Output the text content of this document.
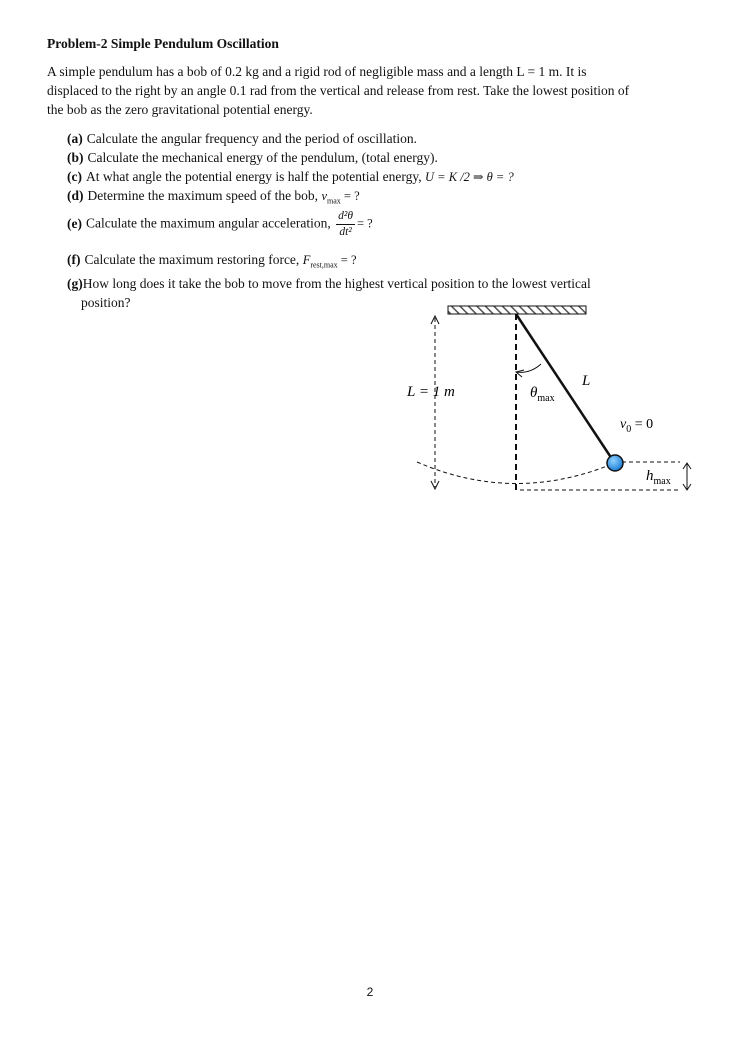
Problem-2 Simple Pendulum Oscillation
A simple pendulum has a bob of 0.2 kg and a rigid rod of negligible mass and a length L = 1 m. It is
displaced to the right by an angle 0.1 rad from the vertical and release from rest. Take the lowest position of
the bob as the zero gravitational potential energy.
(a) Calculate the angular frequency and the period of oscillation.
(b) Calculate the mechanical energy of the pendulum, (total energy).
(c) At what angle the potential energy is half the potential energy, U = K /2 ⇒ θ = ?
(d) Determine the maximum speed of the bob, $v_{max}$ = ?
(e) Calculate the maximum angular acceleration, $\frac{\text{d²θ}}{\text{dt²}}$ = ?
(f) Calculate the maximum restoring force, $F_{rest,max}$ = ?
(g)How long does it take the bob to move from the highest vertical position to the lowest vertical
position?
L = 1 m
L
$\theta_{max}$
$v_0 = 0$
$h_{max}$
2
